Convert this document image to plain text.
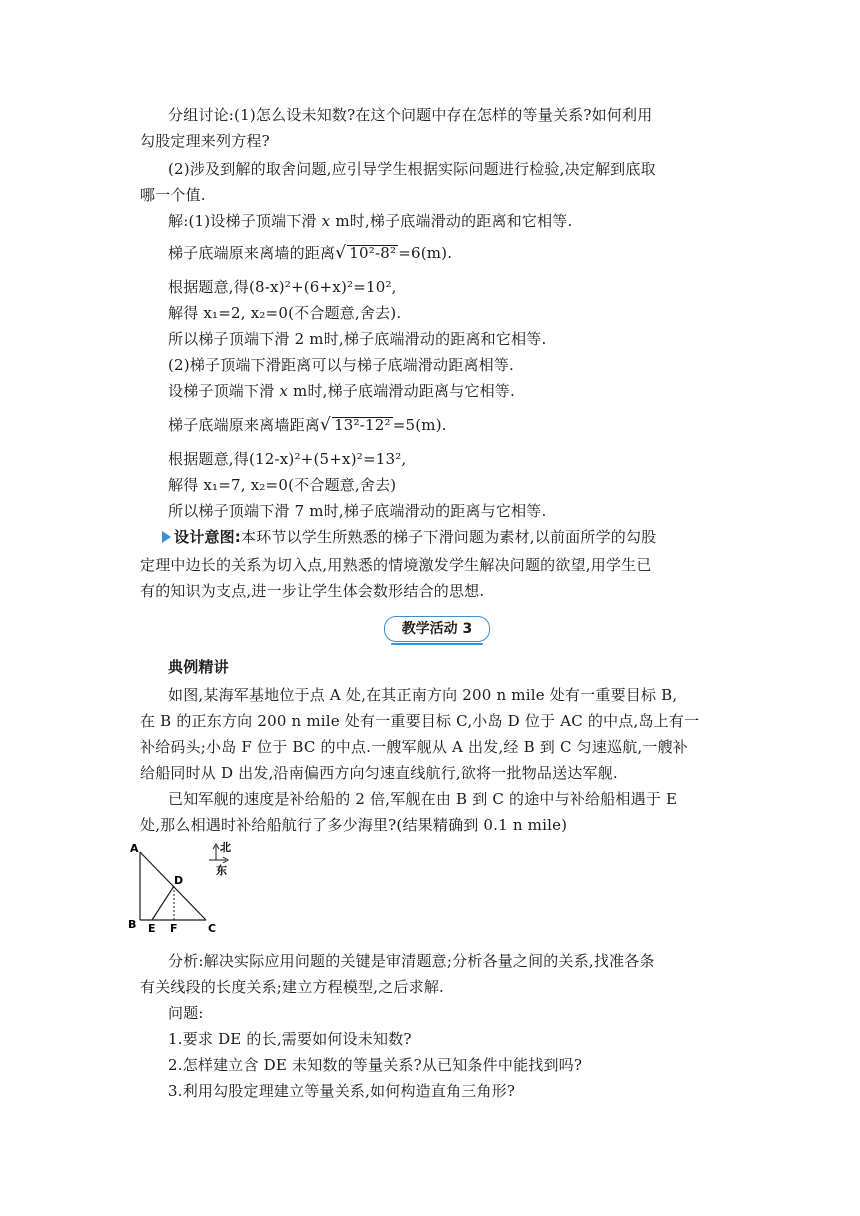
分组讨论:(1)怎么设未知数?在这个问题中存在怎样的等量关系?如何利用
勾股定理来列方程?
(2)涉及到解的取舍问题,应引导学生根据实际问题进行检验,决定解到底取
哪一个值.
解:(1)设梯子顶端下滑 x m时,梯子底端滑动的距离和它相等.
梯子底端原来离墙的距离√ 10²-8² =6(m).
根据题意,得(8-x)²+(6+x)²=10²,
解得 x₁=2, x₂=0(不合题意,舍去).
所以梯子顶端下滑 2 m时,梯子底端滑动的距离和它相等.
(2)梯子顶端下滑距离可以与梯子底端滑动距离相等.
设梯子顶端下滑 x m时,梯子底端滑动距离与它相等.
梯子底端原来离墙距离√ 13²-12² =5(m).
根据题意,得(12-x)²+(5+x)²=13²,
解得 x₁=7, x₂=0(不合题意,舍去)
所以梯子顶端下滑 7 m时,梯子底端滑动的距离与它相等.
设计意图:本环节以学生所熟悉的梯子下滑问题为素材,以前面所学的勾股
定理中边长的关系为切入点,用熟悉的情境激发学生解决问题的欲望,用学生已
有的知识为支点,进一步让学生体会数形结合的思想.
教学活动 3
典例精讲
如图,某海军基地位于点 A 处,在其正南方向 200 n mile 处有一重要目标 B,
在 B 的正东方向 200 n mile 处有一重要目标 C,小岛 D 位于 AC 的中点,岛上有一
补给码头;小岛 F 位于 BC 的中点.一艘军舰从 A 出发,经 B 到 C 匀速巡航,一艘补
给船同时从 D 出发,沿南偏西方向匀速直线航行,欲将一批物品送达军舰.
已知军舰的速度是补给船的 2 倍,军舰在由 B 到 C 的途中与补给船相遇于 E
处,那么相遇时补给船航行了多少海里?(结果精确到 0.1 n mile)
A
B	C
D
E F
北
东
分析:解决实际应用问题的关键是审清题意;分析各量之间的关系,找准各条
有关线段的长度关系;建立方程模型,之后求解.
问题:
1.要求 DE 的长,需要如何设未知数?
2.怎样建立含 DE 未知数的等量关系?从已知条件中能找到吗?
3.利用勾股定理建立等量关系,如何构造直角三角形?
